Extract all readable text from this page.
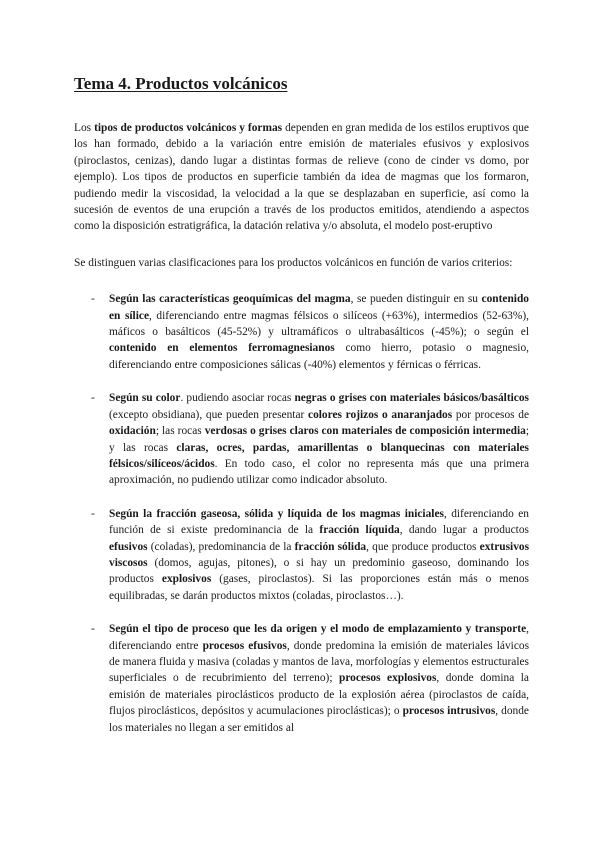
Tema 4. Productos volcánicos

Los tipos de productos volcánicos y formas dependen en gran medida de los estilos eruptivos que los han formado, debido a la variación entre emisión de materiales efusivos y explosivos (piroclastos, cenizas), dando lugar a distintas formas de relieve (cono de cinder vs domo, por ejemplo). Los tipos de productos en superficie también da idea de magmas que los formaron, pudiendo medir la viscosidad, la velocidad a la que se desplazaban en superficie, así como la sucesión de eventos de una erupción a través de los productos emitidos, atendiendo a aspectos como la disposición estratigráfica, la datación relativa y/o absoluta, el modelo post-eruptivo

Se distinguen varias clasificaciones para los productos volcánicos en función de varios criterios:

- Según las características geoquímicas del magma, se pueden distinguir en su contenido en sílice, diferenciando entre magmas félsicos o silíceos (+63%), intermedios (52-63%), máficos o basálticos (45-52%) y ultramáficos o ultrabasálticos (-45%); o según el contenido en elementos ferromagnesianos como hierro, potasio o magnesio, diferenciando entre composiciones sálicas (-40%) elementos y férnicas o férricas.

- Según su color. pudiendo asociar rocas negras o grises con materiales básicos/basálticos (excepto obsidiana), que pueden presentar colores rojizos o anaranjados por procesos de oxidación; las rocas verdosas o grises claros con materiales de composición intermedia; y las rocas claras, ocres, pardas, amarillentas o blanquecinas con materiales félsicos/silíceos/ácidos. En todo caso, el color no representa más que una primera aproximación, no pudiendo utilizar como indicador absoluto.

- Según la fracción gaseosa, sólida y líquida de los magmas iniciales, diferenciando en función de si existe predominancia de la fracción líquida, dando lugar a productos efusivos (coladas), predominancia de la fracción sólida, que produce productos extrusivos viscosos (domos, agujas, pitones), o si hay un predominio gaseoso, dominando los productos explosivos (gases, piroclastos). Si las proporciones están más o menos equilibradas, se darán productos mixtos (coladas, piroclastos…).

- Según el tipo de proceso que les da origen y el modo de emplazamiento y transporte, diferenciando entre procesos efusivos, donde predomina la emisión de materiales lávicos de manera fluida y masiva (coladas y mantos de lava, morfologías y elementos estructurales superficiales o de recubrimiento del terreno); procesos explosivos, donde domina la emisión de materiales piroclásticos producto de la explosión aérea (piroclastos de caída, flujos piroclásticos, depósitos y acumulaciones piroclásticas); o procesos intrusivos, donde los materiales no llegan a ser emitidos al
